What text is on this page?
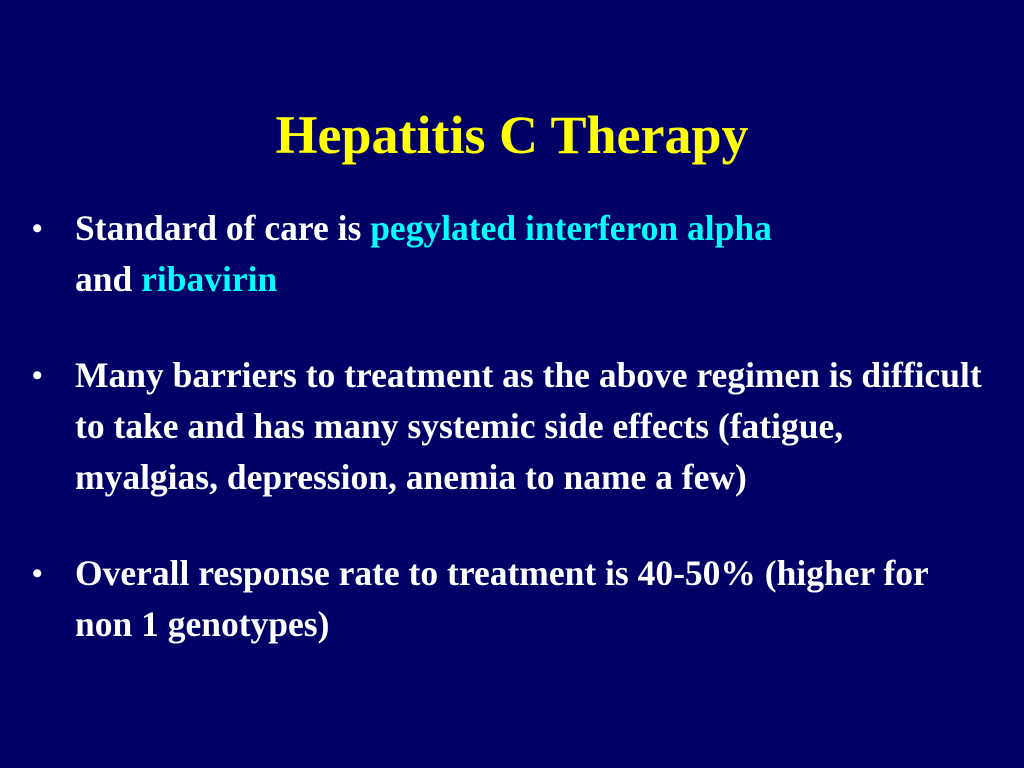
Hepatitis C Therapy
• Standard of care is pegylated interferon alpha
and ribavirin
• Many barriers to treatment as the above regimen is difficult to take and has many systemic side effects (fatigue, myalgias, depression, anemia to name a few)
• Overall response rate to treatment is 40-50% (higher for non 1 genotypes)
